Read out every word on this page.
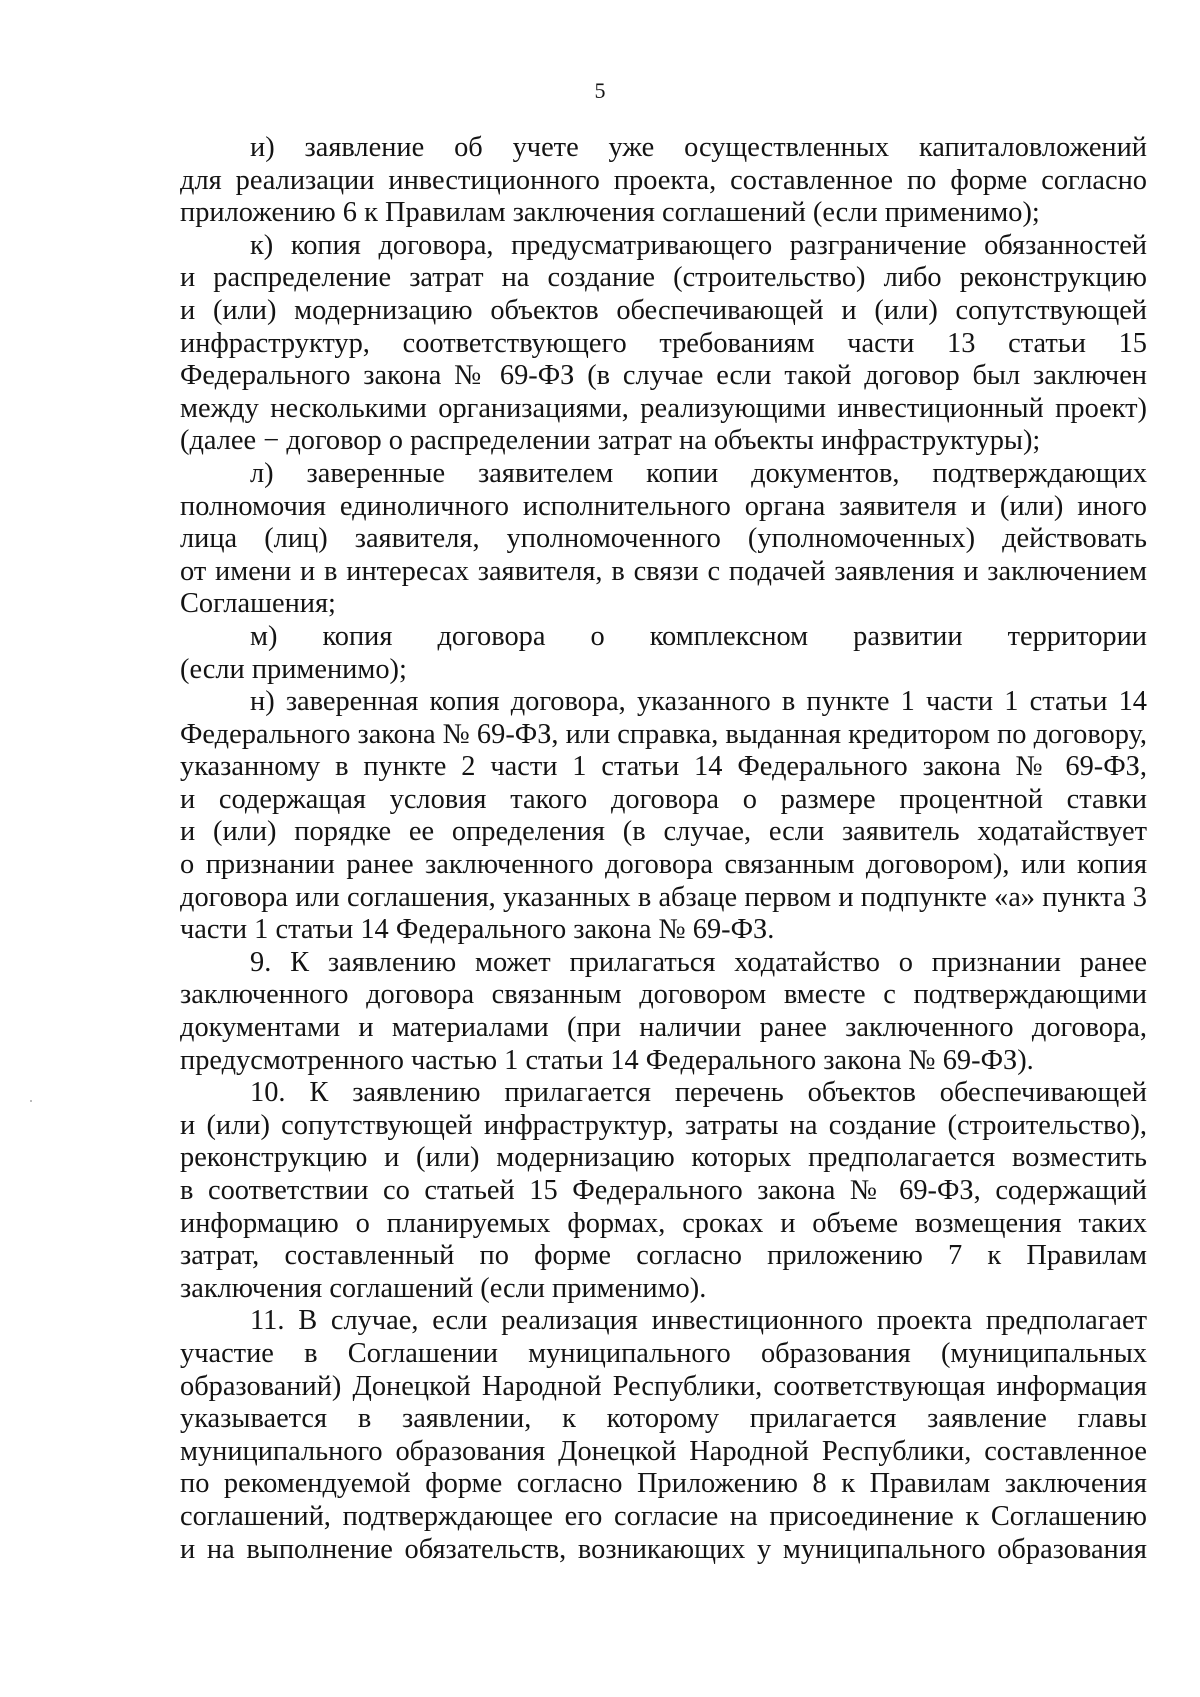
5
и) заявление об учете уже осуществленных капиталовложений
для реализации инвестиционного проекта, составленное по форме согласно
приложению 6 к Правилам заключения соглашений (если применимо);
к) копия договора, предусматривающего разграничение обязанностей
и распределение затрат на создание (строительство) либо реконструкцию
и (или) модернизацию объектов обеспечивающей и (или) сопутствующей
инфраструктур, соответствующего требованиям части 13 статьи 15
Федерального закона № 69-ФЗ (в случае если такой договор был заключен
между несколькими организациями, реализующими инвестиционный проект)
(далее − договор о распределении затрат на объекты инфраструктуры);
л) заверенные заявителем копии документов, подтверждающих
полномочия единоличного исполнительного органа заявителя и (или) иного
лица (лиц) заявителя, уполномоченного (уполномоченных) действовать
от имени и в интересах заявителя, в связи с подачей заявления и заключением
Соглашения;
м) копия договора о комплексном развитии территории
(если применимо);
н) заверенная копия договора, указанного в пункте 1 части 1 статьи 14
Федерального закона № 69-ФЗ, или справка, выданная кредитором по договору,
указанному в пункте 2 части 1 статьи 14 Федерального закона № 69-ФЗ,
и содержащая условия такого договора о размере процентной ставки
и (или) порядке ее определения (в случае, если заявитель ходатайствует
о признании ранее заключенного договора связанным договором), или копия
договора или соглашения, указанных в абзаце первом и подпункте «а» пункта 3
части 1 статьи 14 Федерального закона № 69-ФЗ.
9. К заявлению может прилагаться ходатайство о признании ранее
заключенного договора связанным договором вместе с подтверждающими
документами и материалами (при наличии ранее заключенного договора,
предусмотренного частью 1 статьи 14 Федерального закона № 69-ФЗ).
10. К заявлению прилагается перечень объектов обеспечивающей
и (или) сопутствующей инфраструктур, затраты на создание (строительство),
реконструкцию и (или) модернизацию которых предполагается возместить
в соответствии со статьей 15 Федерального закона № 69-ФЗ, содержащий
информацию о планируемых формах, сроках и объеме возмещения таких
затрат, составленный по форме согласно приложению 7 к Правилам
заключения соглашений (если применимо).
11. В случае, если реализация инвестиционного проекта предполагает
участие в Соглашении муниципального образования (муниципальных
образований) Донецкой Народной Республики, соответствующая информация
указывается в заявлении, к которому прилагается заявление главы
муниципального образования Донецкой Народной Республики, составленное
по рекомендуемой форме согласно Приложению 8 к Правилам заключения
соглашений, подтверждающее его согласие на присоединение к Соглашению
и на выполнение обязательств, возникающих у муниципального образования
